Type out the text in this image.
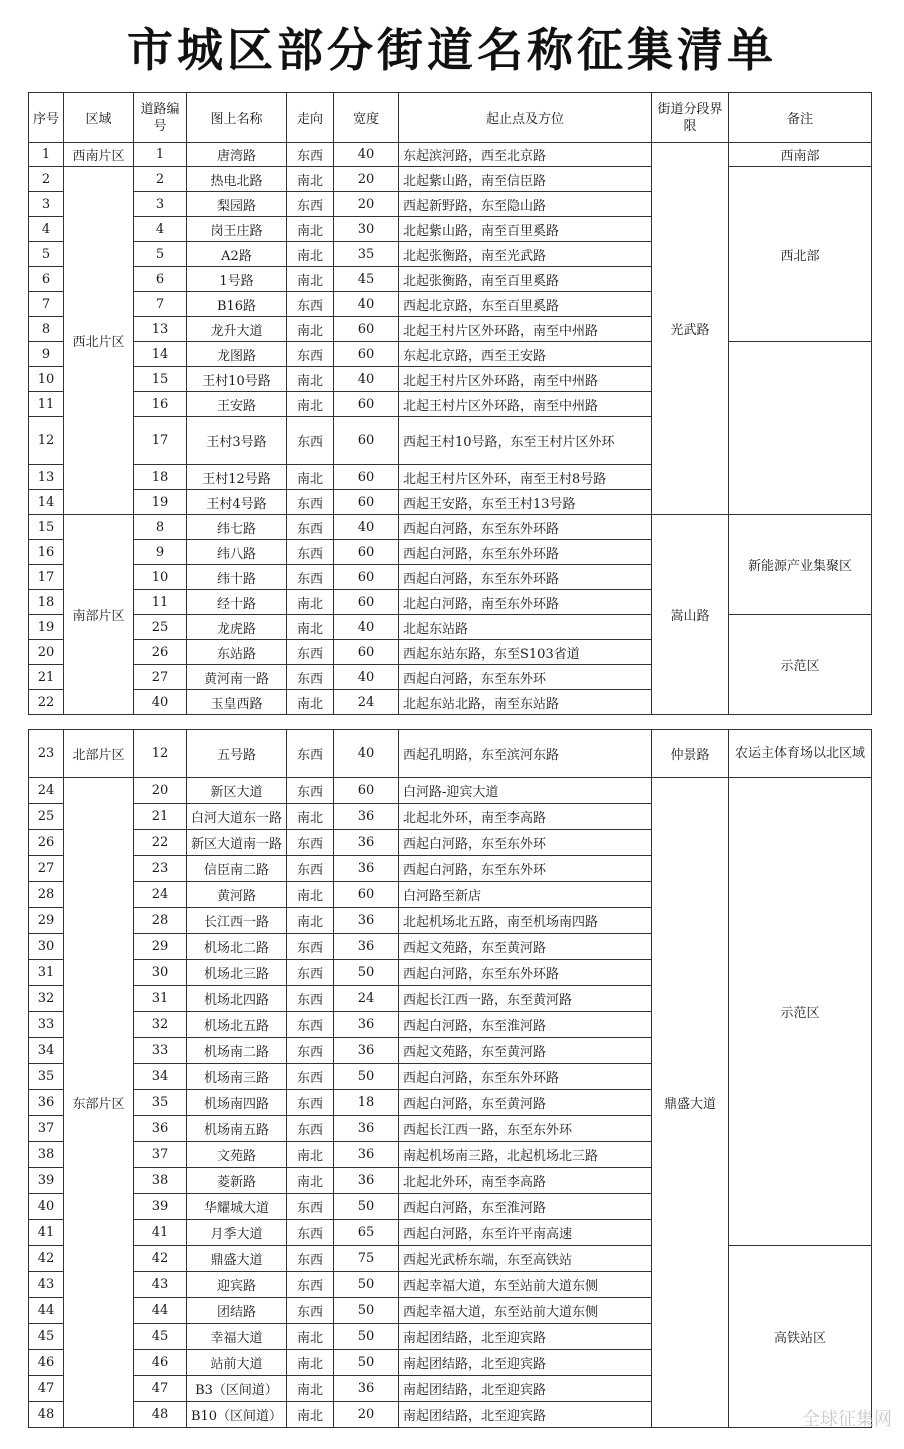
市城区部分街道名称征集清单
序号	区域	道路编号	图上名称	走向	宽度	起止点及方位	街道分段界限	备注	
1	西南片区	1	唐湾路	东西	40	东起滨河路，西至北京路	光武路	西南部	
2	西北片区	2	热电北路	南北	20	北起紫山路，南至信臣路		西北部	
3		3	梨园路	东西	20	西起新野路，东至隐山路			
4		4	岗王庄路	南北	30	北起紫山路，南至百里奚路			
5		5	A2路	南北	35	北起张衡路，南至光武路			
6		6	1号路	南北	45	北起张衡路，南至百里奚路			
7		7	B16路	东西	40	西起北京路，东至百里奚路			
8		13	龙升大道	南北	60	北起王村片区外环路，南至中州路	
9		14	龙图路	东西	60	东起北京路，西至王安路			
10		15	王村10号路	南北	40	北起王村片区外环路，南至中州路			
11		16	王安路	南北	60	北起王村片区外环路，南至中州路			
12		17	王村3号路	东西	60	西起王村10号路，东至王村片区外环			
13		18	王村12号路	南北	60	北起王村片区外环，南至王村8号路			
14		19	王村4号路	东西	60	西起王安路，东至王村13号路			
15	南部片区	8	纬七路	东西	40	西起白河路，东至东外环路	嵩山路	新能源产业集聚区	
16		9	纬八路	东西	60	西起白河路，东至东外环路			
17		10	纬十路	东西	60	西起白河路，东至东外环路			
18		11	经十路	南北	60	北起白河路，南至东外环路			
19		25	龙虎路	南北	40	北起东站路		示范区	
20		26	东站路	东西	60	西起东站东路，东至S103省道			
21		27	黄河南一路	东西	40	西起白河路，东至东外环			
22		40	玉皇西路	南北	24	北起东站北路，南至东站路			
23	北部片区	12	五号路	东西	40	西起孔明路，东至滨河东路	仲景路	农运主体育场以北区域
24	东部片区	20	新区大道	东西	60	白河路-迎宾大道	鼎盛大道	示范区
25		21	白河大道东一路	南北	36	北起北外环，南至李高路		
26		22	新区大道南一路	东西	36	西起白河路，东至东外环		
27		23	信臣南二路	东西	36	西起白河路，东至东外环		
28		24	黄河路	南北	60	白河路至新店		
29		28	长江西一路	南北	36	北起机场北五路，南至机场南四路		
30		29	机场北二路	东西	36	西起文苑路，东至黄河路		
31		30	机场北三路	东西	50	西起白河路，东至东外环路		
32		31	机场北四路	东西	24	西起长江西一路，东至黄河路		
33		32	机场北五路	东西	36	西起白河路，东至淮河路		
34		33	机场南二路	东西	36	西起文苑路，东至黄河路		
35		34	机场南三路	东西	50	西起白河路，东至东外环路		
36		35	机场南四路	东西	18	西起白河路，东至黄河路		
37		36	机场南五路	东西	36	西起长江西一路，东至东外环		
38		37	文苑路	南北	36	南起机场南三路，北起机场北三路		
39		38	菱新路	南北	36	北起北外环，南至李高路		
40		39	华耀城大道	东西	50	西起白河路，东至淮河路		
41		41	月季大道	东西	65	西起白河路，东至许平南高速		
42		42	鼎盛大道	东西	75	西起光武桥东端，东至高铁站		高铁站区
43		43	迎宾路	东西	50	西起幸福大道，东至站前大道东侧		
44		44	团结路	东西	50	西起幸福大道，东至站前大道东侧		
45		45	幸福大道	南北	50	南起团结路，北至迎宾路		
46		46	站前大道	南北	50	南起团结路，北至迎宾路		
47		47	B3（区间道）	南北	36	南起团结路，北至迎宾路		
48		48	B10（区间道）	南北	20	南起团结路，北至迎宾路			全球征集网
